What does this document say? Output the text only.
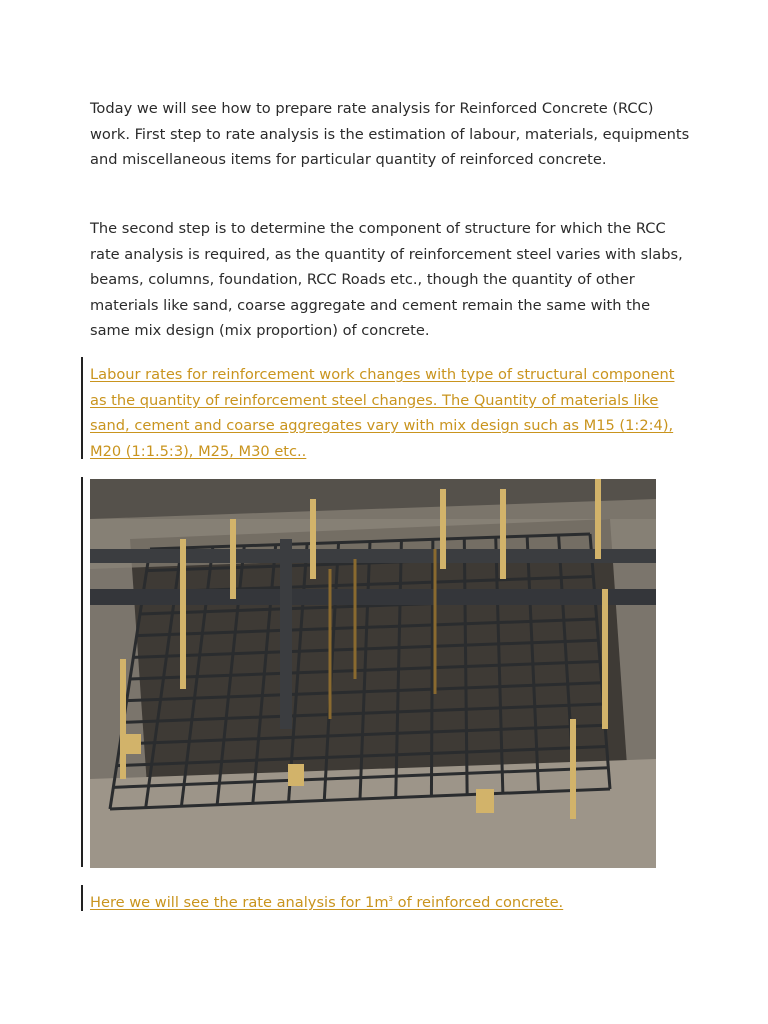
Today we will see how to prepare rate analysis for Reinforced Concrete (RCC) work. First step to rate analysis is the estimation of labour, materials, equipments and miscellaneous items for particular quantity of reinforced concrete.

The second step is to determine the component of structure for which the RCC rate analysis is required, as the quantity of reinforcement steel varies with slabs, beams, columns, foundation, RCC Roads etc., though the quantity of other materials like sand, coarse aggregate and cement remain the same with the same mix design (mix proportion) of concrete.

Labour rates for reinforcement work changes with type of structural component as the quantity of reinforcement steel changes. The Quantity of materials like sand, cement and coarse aggregates vary with mix design such as M15 (1:2:4), M20 (1:1.5:3), M25, M30 etc..

Here we will see the rate analysis for $1m^3$ of reinforced concrete.
